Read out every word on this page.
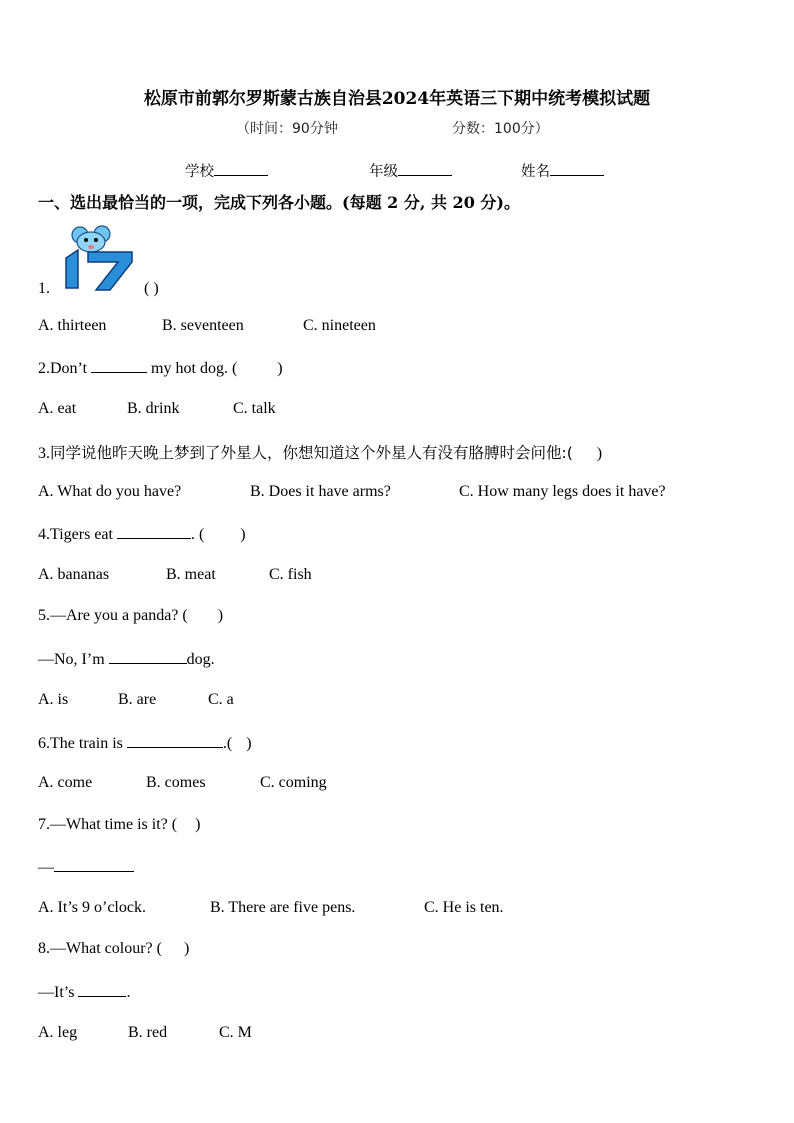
松原市前郭尔罗斯蒙古族自治县2024年英语三下期中统考模拟试题
（时间：90分钟	分数：100分）
学校	年级	姓名
一、选出最恰当的一项，完成下列各小题。(每题 2 分, 共 20 分)。
17
1.	( )
A. thirteen	B. seventeen	C. nineteen
2.Don’t	my hot dog. (	)
A. eat	B. drink	C. talk
3.同学说他昨天晚上梦到了外星人，你想知道这个外星人有没有胳膊时会问他:( )
A. What do you have?	B. Does it have arms?	C. How many legs does it have?
4.Tigers eat	. ( )
A. bananas	B. meat	C. fish
5.—Are you a panda? ( )
—No, I’m	dog.
A. is	B. are	C. a
6.The train is	.( )
A. come	B. comes	C. coming
7.—What time is it? ( )
—
A. It’s 9 o’clock.	B. There are five pens.	C. He is ten.
8.—What colour? ( )
—It’s	.
A. leg	B. red	C. M
